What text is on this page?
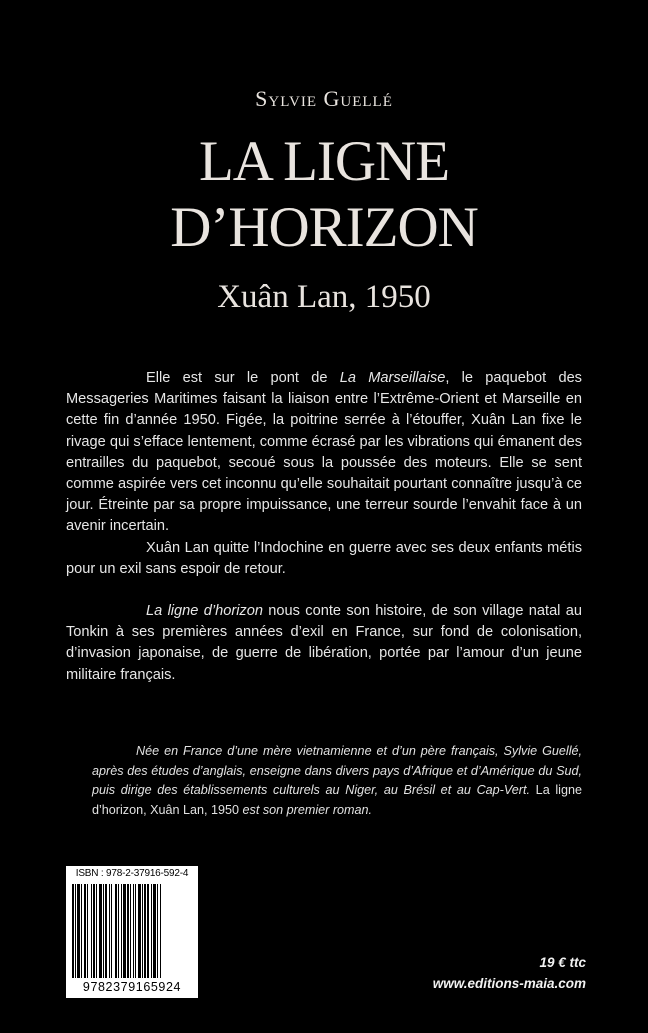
Sylvie Guellé
LA LIGNE
D’HORIZON
Xuân Lan, 1950

Elle est sur le pont de La Marseillaise, le paquebot des Messageries Maritimes faisant la liaison entre l’Extrême-Orient et Marseille en cette fin d’année 1950. Figée, la poitrine serrée à l’étouffer, Xuân Lan fixe le rivage qui s’efface lentement, comme écrasé par les vibrations qui émanent des entrailles du paquebot, secoué sous la poussée des moteurs. Elle se sent comme aspirée vers cet inconnu qu’elle souhaitait pourtant connaître jusqu’à ce jour. Étreinte par sa propre impuissance, une terreur sourde l’envahit face à un avenir incertain.

Xuân Lan quitte l’Indochine en guerre avec ses deux enfants métis pour un exil sans espoir de retour.

La ligne d’horizon nous conte son histoire, de son village natal au Tonkin à ses premières années d’exil en France, sur fond de colonisation, d’invasion japonaise, de guerre de libération, portée par l’amour d’un jeune militaire français.

Née en France d’une mère vietnamienne et d’un père français, Sylvie Guellé, après des études d’anglais, enseigne dans divers pays d’Afrique et d’Amérique du Sud, puis dirige des établissements culturels au Niger, au Brésil et au Cap-Vert. La ligne d’horizon, Xuân Lan, 1950 est son premier roman.
ISBN : 978-2-37916-592-4
9782379165924
19 € ttc
www.editions-maia.com
